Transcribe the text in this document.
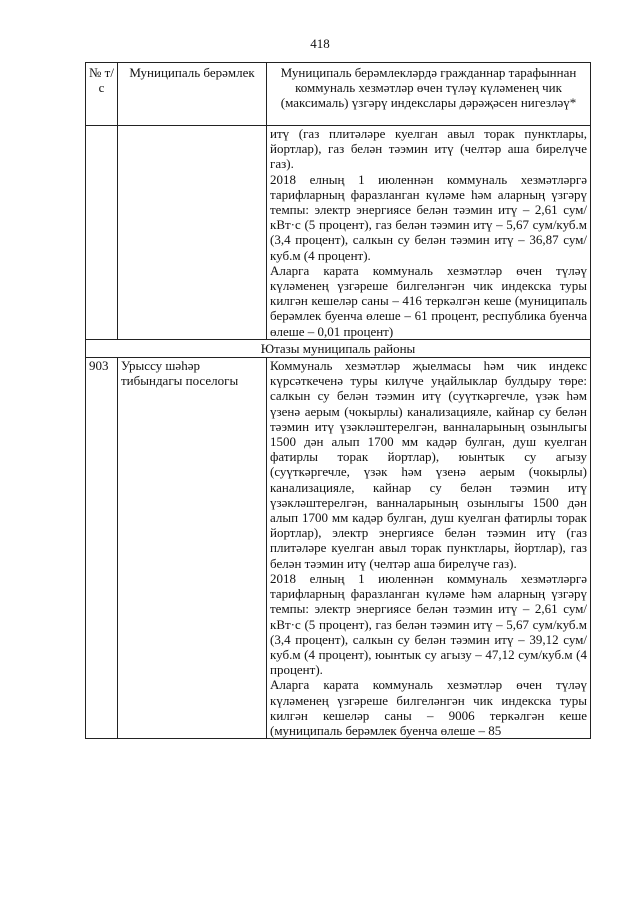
418
№ т/с	Муниципаль берәмлек	Муниципаль берәмлекләрдә гражданнар тарафыннан коммуналь хезмәтләр өчен түләү күләменең чик (максималь) үзгәрү индекслары дәрәҗәсен нигезләү*

		итү (газ плитәләре куелган авыл торак пунктлары, йортлар), газ белән тәэмин итү (челтәр аша бирелүче газ).

2018 елның 1 июленнән коммуналь хезмәтләргә тарифларның фаразланган күләме һәм аларның үзгәрү темпы: электр энергиясе белән тәэмин итү – 2,61 сум/кВт·с (5 процент), газ белән тәэмин итү – 5,67 сум/куб.м (3,4 процент), салкын су белән тәэмин итү – 36,87 сум/куб.м (4 процент).

Аларга карата коммуналь хезмәтләр өчен түләү күләменең үзгәреше билгеләнгән чик индекска туры килгән кешеләр саны – 416 теркәлгән кеше (муниципаль берәмлек буенча өлеше – 61 процент, республика буенча өлеше – 0,01 процент)

Ютазы муниципаль районы		
903	Урыссу шәһәр тибындагы поселогы	Коммуналь хезмәтләр җыелмасы һәм чик индекс күрсәткеченә туры килүче уңайлыклар булдыру төре: салкын су белән тәэмин итү (суүткәргечле, үзәк һәм үзенә аерым (чокырлы) канализацияле, кайнар су белән тәэмин итү үзәкләштерелгән, ванналарының озынлыгы 1500 дән алып 1700 мм кадәр булган, душ куелган фатирлы торак йортлар), юынтык су агызу (суүткәргечле, үзәк һәм үзенә аерым (чокырлы) канализацияле, кайнар су белән тәэмин итү үзәкләштерелгән, ванналарының озынлыгы 1500 дән алып 1700 мм кадәр булган, душ куелган фатирлы торак йортлар), электр энергиясе белән тәэмин итү (газ плитәләре куелган авыл торак пунктлары, йортлар), газ белән тәэмин итү (челтәр аша бирелүче газ).

2018 елның 1 июленнән коммуналь хезмәтләргә тарифларның фаразланган күләме һәм аларның үзгәрү темпы: электр энергиясе белән тәэмин итү – 2,61 сум/кВт·с (5 процент), газ белән тәэмин итү – 5,67 сум/куб.м (3,4 процент), салкын су белән тәэмин итү – 39,12 сум/куб.м (4 процент), юынтык су агызу – 47,12 сум/куб.м (4 процент).

Аларга карата коммуналь хезмәтләр өчен түләү күләменең үзгәреше билгеләнгән чик индекска туры килгән кешеләр саны – 9006 теркәлгән кеше (муниципаль берәмлек буенча өлеше – 85
